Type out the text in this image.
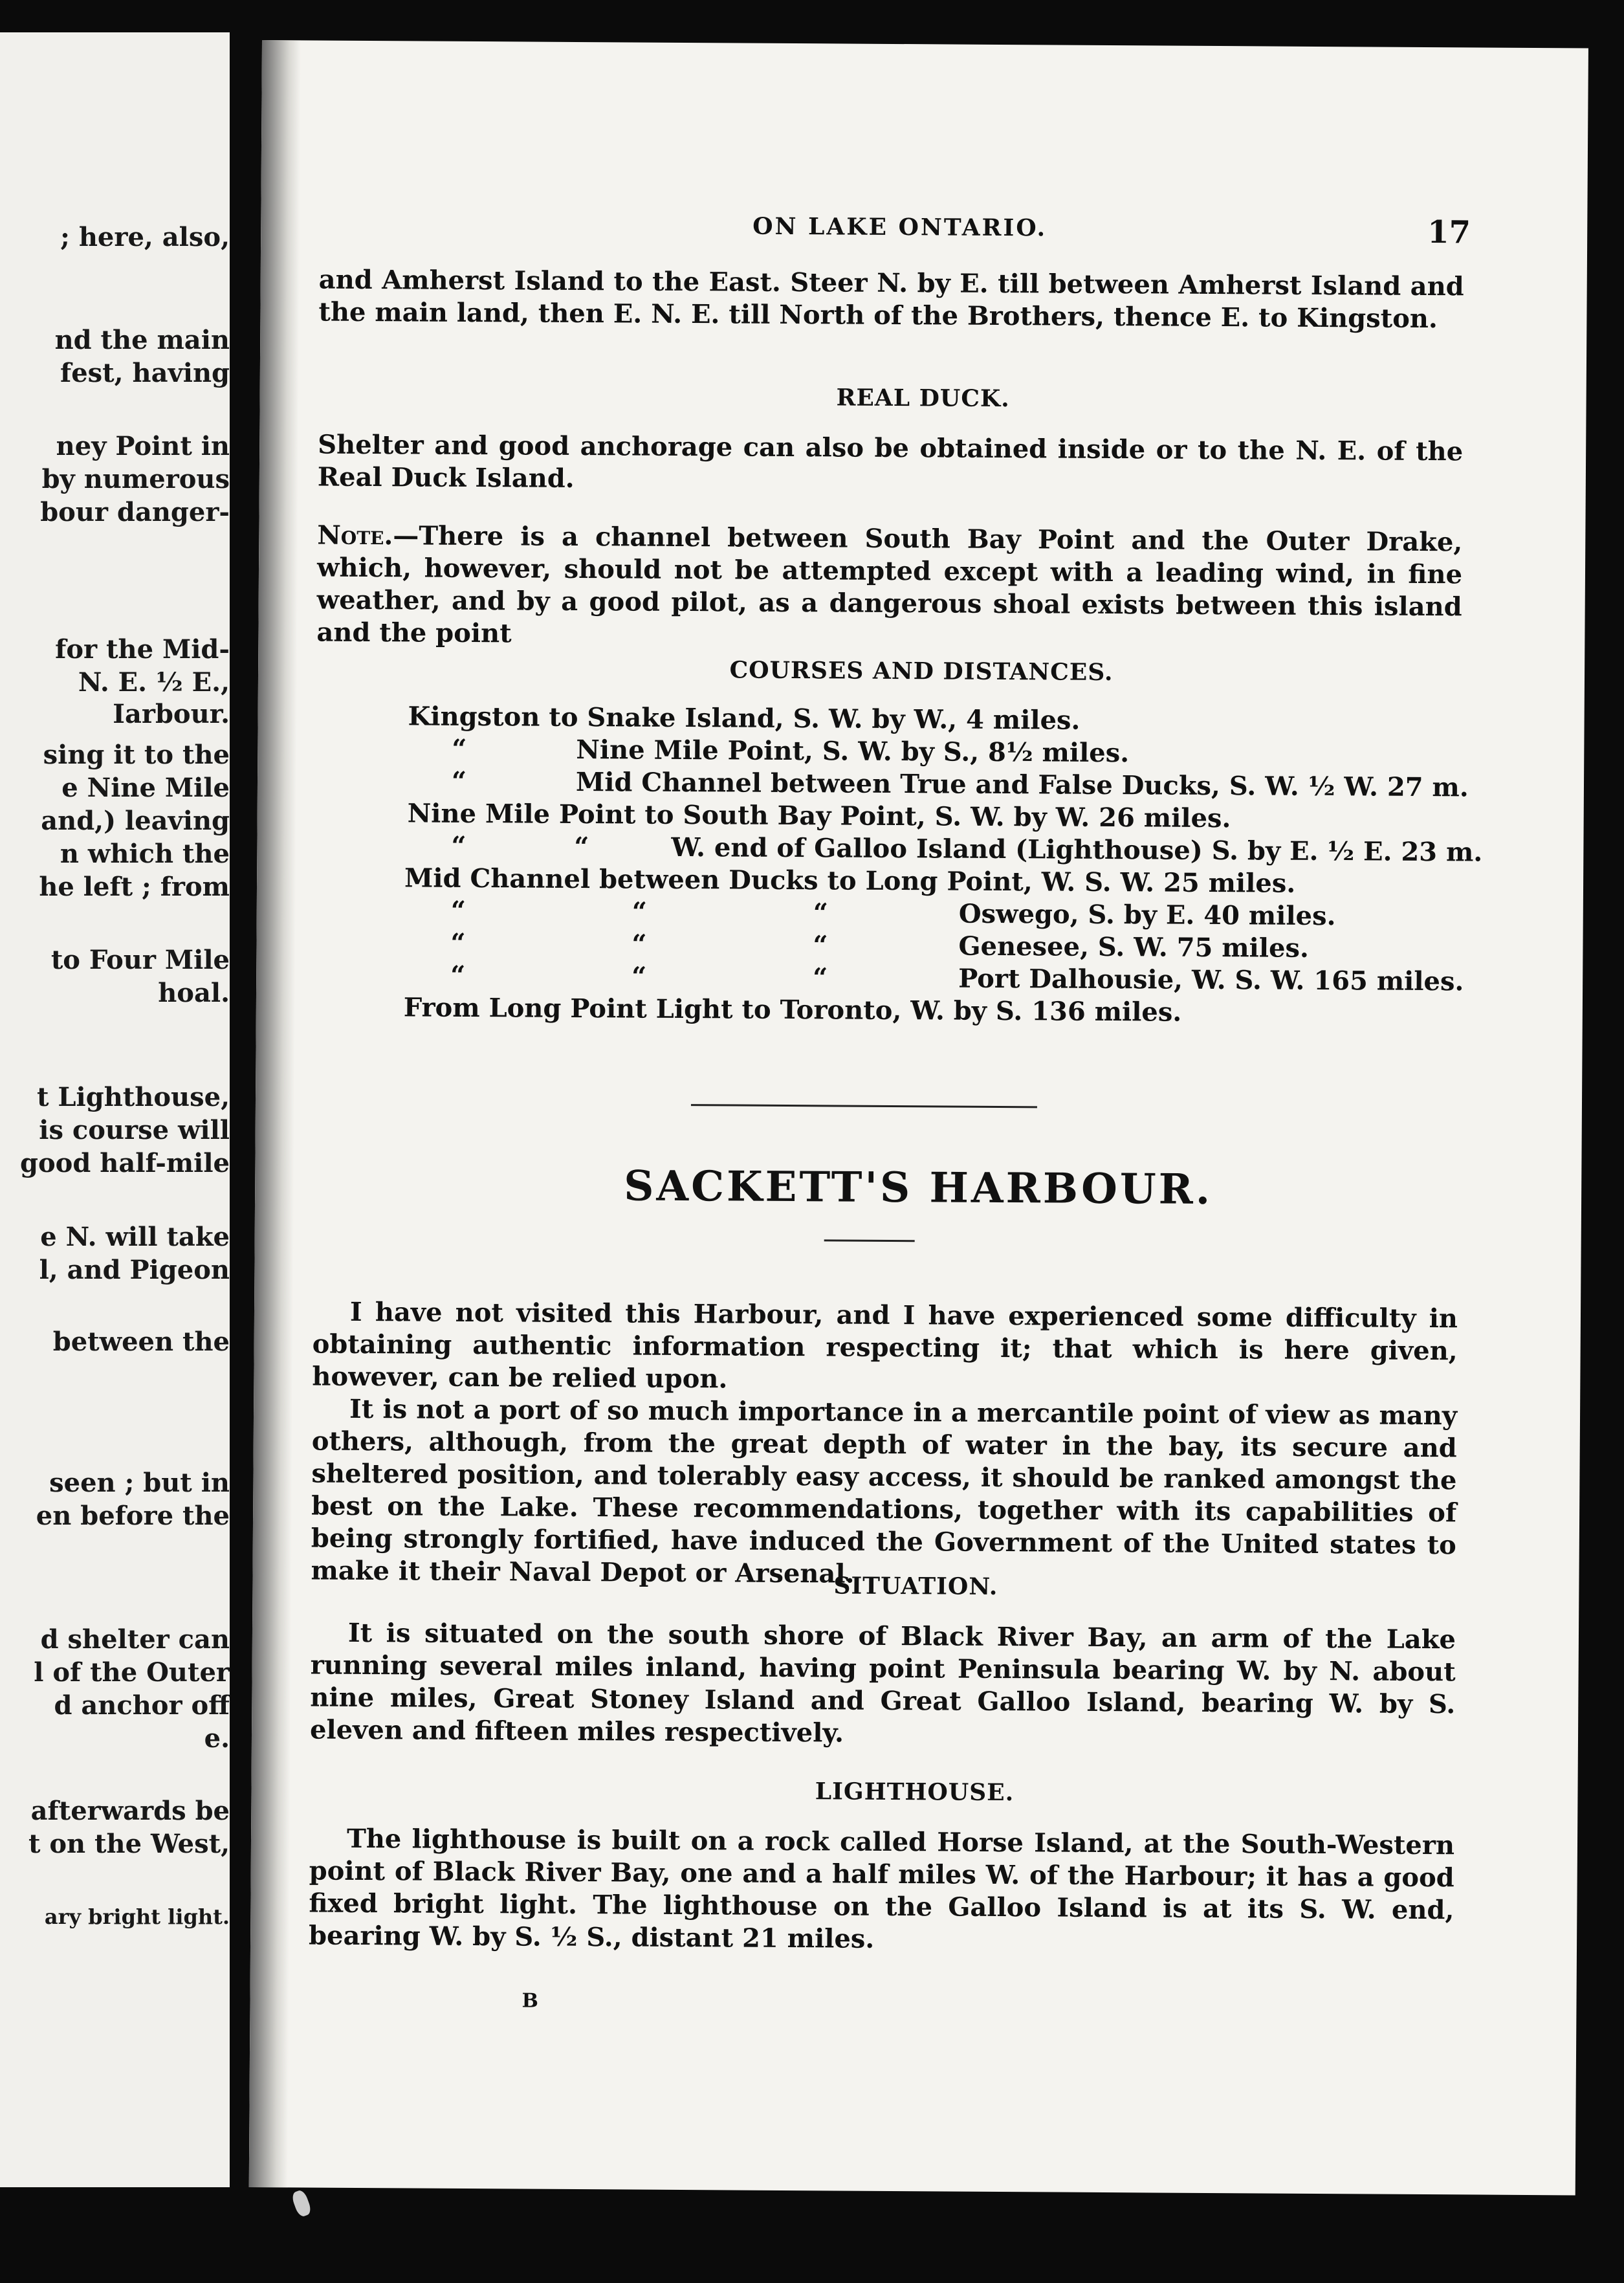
; here, also,
nd the main
fest, having
ney Point in
by numerous
bour danger-
for the Mid-
N. E. ½ E.,
Iarbour.
sing it to the
e Nine Mile
and,) leaving
n which the
he left ; from
to Four Mile
hoal.
t Lighthouse,
is course will
good half-mile
e N. will take
l, and Pigeon
between the
seen ; but in
en before the
d shelter can
l of the Outer
d anchor off
e.
afterwards be
t on the West,
ary bright light.
ON LAKE ONTARIO.	17
and Amherst Island to the East. Steer N. by E. till between Amherst Island and the main land, then E. N. E. till North of the Brothers, thence E. to Kingston.
REAL DUCK.
Shelter and good anchorage can also be obtained inside or to the N. E. of the Real Duck Island.
Note.—There is a channel between South Bay Point and the Outer Drake, which, however, should not be attempted except with a leading wind, in fine weather, and by a good pilot, as a dangerous shoal exists between this island and the point
COURSES AND DISTANCES.
Kingston to Snake Island, S. W. by W., 4 miles.
“	Nine Mile Point, S. W. by S., 8½ miles.
“	Mid Channel between True and False Ducks, S. W. ½ W. 27 m.
Nine Mile Point to South Bay Point, S. W. by W. 26 miles.
“	“	W. end of Galloo Island (Lighthouse) S. by E. ½ E. 23 m.
Mid Channel between Ducks to Long Point, W. S. W. 25 miles.
“	“	“	Oswego, S. by E. 40 miles.
“	“	“	Genesee, S. W. 75 miles.
“	“	“	Port Dalhousie, W. S. W. 165 miles.
From Long Point Light to Toronto, W. by S. 136 miles.
SACKETT'S HARBOUR.
I have not visited this Harbour, and I have experienced some difficulty in obtaining authentic information respecting it; that which is here given, however, can be relied upon.
It is not a port of so much importance in a mercantile point of view as many others, although, from the great depth of water in the bay, its secure and sheltered position, and tolerably easy access, it should be ranked amongst the best on the Lake. These recommendations, together with its capabilities of being strongly fortified, have induced the Government of the United states to make it their Naval Depot or Arsenal.
SITUATION.
It is situated on the south shore of Black River Bay, an arm of the Lake running several miles inland, having point Peninsula bearing W. by N. about nine miles, Great Stoney Island and Great Galloo Island, bearing W. by S. eleven and fifteen miles respectively.
LIGHTHOUSE.
The lighthouse is built on a rock called Horse Island, at the South-Western point of Black River Bay, one and a half miles W. of the Harbour; it has a good fixed bright light. The lighthouse on the Galloo Island is at its S. W. end, bearing W. by S. ½ S., distant 21 miles.
B
